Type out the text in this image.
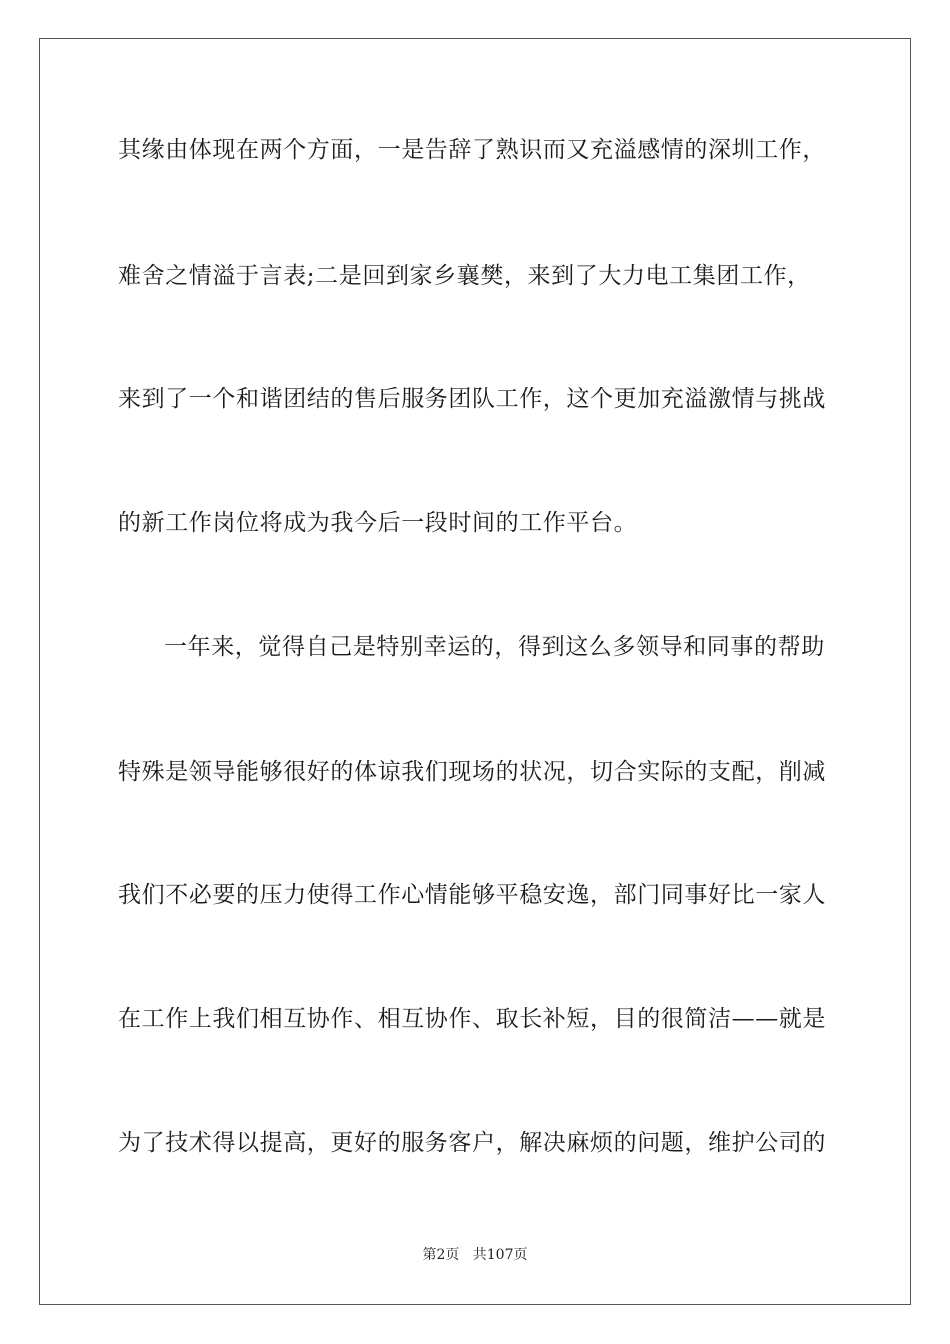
其缘由体现在两个方面，一是告辞了熟识而又充溢感情的深圳工作，
难舍之情溢于言表;二是回到家乡襄樊，来到了大力电工集团工作，
来到了一个和谐团结的售后服务团队工作，这个更加充溢激情与挑战
的新工作岗位将成为我今后一段时间的工作平台。
一年来，觉得自己是特别幸运的，得到这么多领导和同事的帮助
特殊是领导能够很好的体谅我们现场的状况，切合实际的支配，削减
我们不必要的压力使得工作心情能够平稳安逸，部门同事好比一家人
在工作上我们相互协作、相互协作、取长补短，目的很简洁——就是
为了技术得以提高，更好的服务客户，解决麻烦的问题，维护公司的
第2页 共107页
